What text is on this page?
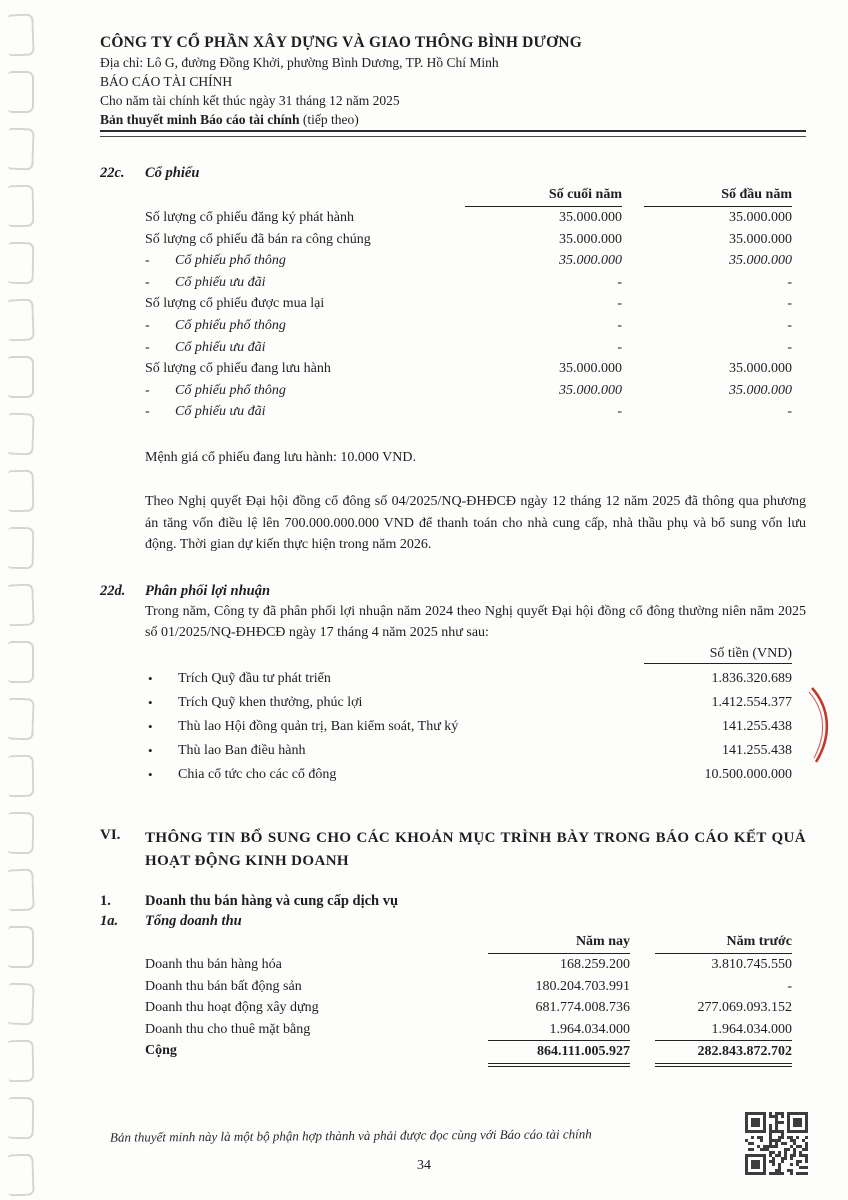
CÔNG TY CỔ PHẦN XÂY DỰNG VÀ GIAO THÔNG BÌNH DƯƠNG
Địa chỉ: Lô G, đường Đồng Khởi, phường Bình Dương, TP. Hồ Chí Minh
BÁO CÁO TÀI CHÍNH
Cho năm tài chính kết thúc ngày 31 tháng 12 năm 2025
Bản thuyết minh Báo cáo tài chính (tiếp theo)
22c.	Cổ phiếu
Số cuối năm	Số đầu năm
Số lượng cổ phiếu đăng ký phát hành	35.000.000	35.000.000
Số lượng cổ phiếu đã bán ra công chúng	35.000.000	35.000.000
- Cổ phiếu phổ thông	35.000.000	35.000.000
- Cổ phiếu ưu đãi	-	-
Số lượng cổ phiếu được mua lại	-	-
- Cổ phiếu phổ thông	-	-
- Cổ phiếu ưu đãi	-	-
Số lượng cổ phiếu đang lưu hành	35.000.000	35.000.000
- Cổ phiếu phổ thông	35.000.000	35.000.000
- Cổ phiếu ưu đãi	-	-
Mệnh giá cổ phiếu đang lưu hành: 10.000 VND.
Theo Nghị quyết Đại hội đồng cổ đông số 04/2025/NQ-ĐHĐCĐ ngày 12 tháng 12 năm 2025 đã thông qua phương án tăng vốn điều lệ lên 700.000.000.000 VND để thanh toán cho nhà cung cấp, nhà thầu phụ và bổ sung vốn lưu động. Thời gian dự kiến thực hiện trong năm 2026.
22d.	Phân phối lợi nhuận
Trong năm, Công ty đã phân phối lợi nhuận năm 2024 theo Nghị quyết Đại hội đồng cổ đông thường niên năm 2025 số 01/2025/NQ-ĐHĐCĐ ngày 17 tháng 4 năm 2025 như sau:
Số tiền (VND)
•	Trích Quỹ đầu tư phát triển	1.836.320.689
•	Trích Quỹ khen thưởng, phúc lợi	1.412.554.377
•	Thù lao Hội đồng quản trị, Ban kiểm soát, Thư ký	141.255.438
•	Thù lao Ban điều hành	141.255.438
•	Chia cổ tức cho các cổ đông	10.500.000.000
VI.	THÔNG TIN BỔ SUNG CHO CÁC KHOẢN MỤC TRÌNH BÀY TRONG BÁO CÁO KẾT QUẢ HOẠT ĐỘNG KINH DOANH
1.	Doanh thu bán hàng và cung cấp dịch vụ
1a.	Tổng doanh thu
Năm nay	Năm trước
Doanh thu bán hàng hóa	168.259.200	3.810.745.550
Doanh thu bán bất động sản	180.204.703.991	-
Doanh thu hoạt động xây dựng	681.774.008.736	277.069.093.152
Doanh thu cho thuê mặt bằng	1.964.034.000	1.964.034.000
Cộng	864.111.005.927	282.843.872.702
Bản thuyết minh này là một bộ phận hợp thành và phải được đọc cùng với Báo cáo tài chính
34
